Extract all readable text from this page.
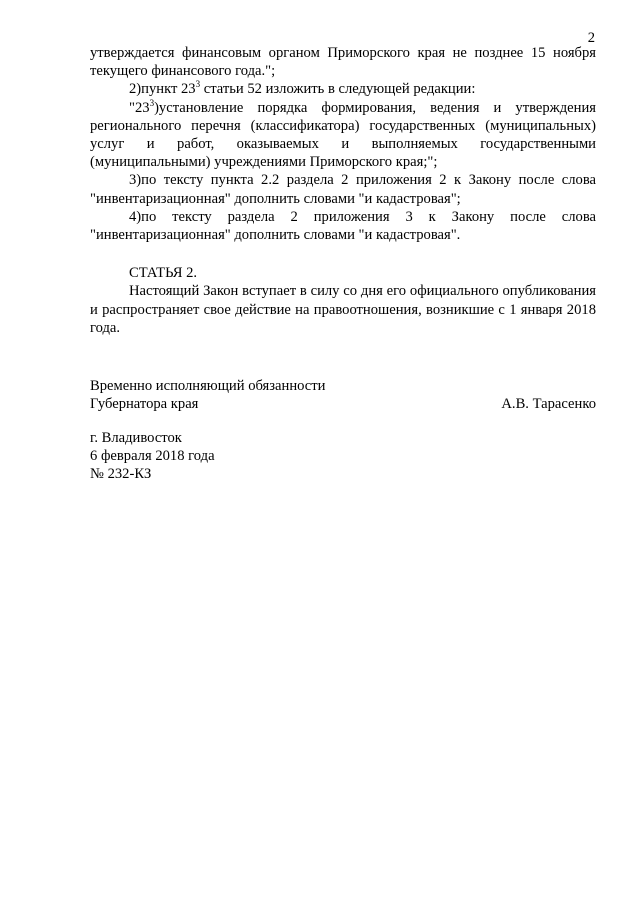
2

утверждается финансовым органом Приморского края не позднее 15 ноября текущего финансового года.";

2)пункт $23^3$ статьи 52 изложить в следующей редакции:

"$23^3)установление$ порядка формирования, ведения и утверждения регионального перечня (классификатора) государственных (муниципальных) услуг и работ, оказываемых и выполняемых государственными (муниципальными) учреждениями Приморского края;";

3)по тексту пункта 2.2 раздела 2 приложения 2 к Закону после слова "инвентаризационная" дополнить словами "и кадастровая";

4)по тексту раздела 2 приложения 3 к Закону после слова "инвентаризационная" дополнить словами "и кадастровая".

СТАТЬЯ 2.

Настоящий Закон вступает в силу со дня его официального опубликования и распространяет свое действие на правоотношения, возникшие с 1 января 2018 года.

Временно исполняющий обязанности
Губернатора края	А.В. Тарасенко
г. Владивосток
6 февраля 2018 года
№ 232-КЗ
